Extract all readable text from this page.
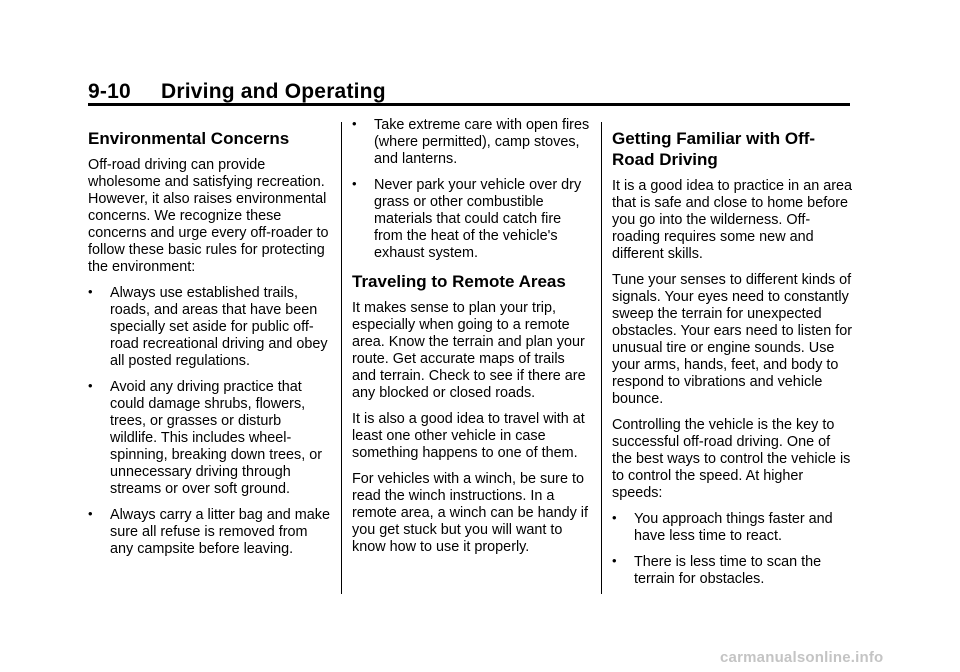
9-10     Driving and Operating
Environmental Concerns

Off-road driving can provide wholesome and satisfying recreation. However, it also raises environmental concerns. We recognize these concerns and urge every off-roader to follow these basic rules for protecting the environment:

• Always use established trails, roads, and areas that have been specially set aside for public off-road recreational driving and obey all posted regulations.
• Avoid any driving practice that could damage shrubs, flowers, trees, or grasses or disturb wildlife. This includes wheel-spinning, breaking down trees, or unnecessary driving through streams or over soft ground.
• Always carry a litter bag and make sure all refuse is removed from any campsite before leaving.
• Take extreme care with open fires (where permitted), camp stoves, and lanterns.
• Never park your vehicle over dry grass or other combustible materials that could catch fire from the heat of the vehicle's exhaust system.
Traveling to Remote Areas

It makes sense to plan your trip, especially when going to a remote area. Know the terrain and plan your route. Get accurate maps of trails and terrain. Check to see if there are any blocked or closed roads.

It is also a good idea to travel with at least one other vehicle in case something happens to one of them.

For vehicles with a winch, be sure to read the winch instructions. In a remote area, a winch can be handy if you get stuck but you will want to know how to use it properly.

Getting Familiar with Off-Road Driving

It is a good idea to practice in an area that is safe and close to home before you go into the wilderness. Off-roading requires some new and different skills.

Tune your senses to different kinds of signals. Your eyes need to constantly sweep the terrain for unexpected obstacles. Your ears need to listen for unusual tire or engine sounds. Use your arms, hands, feet, and body to respond to vibrations and vehicle bounce.

Controlling the vehicle is the key to successful off-road driving. One of the best ways to control the vehicle is to control the speed. At higher speeds:

• You approach things faster and have less time to react.
• There is less time to scan the terrain for obstacles.
carmanualsonline.info
